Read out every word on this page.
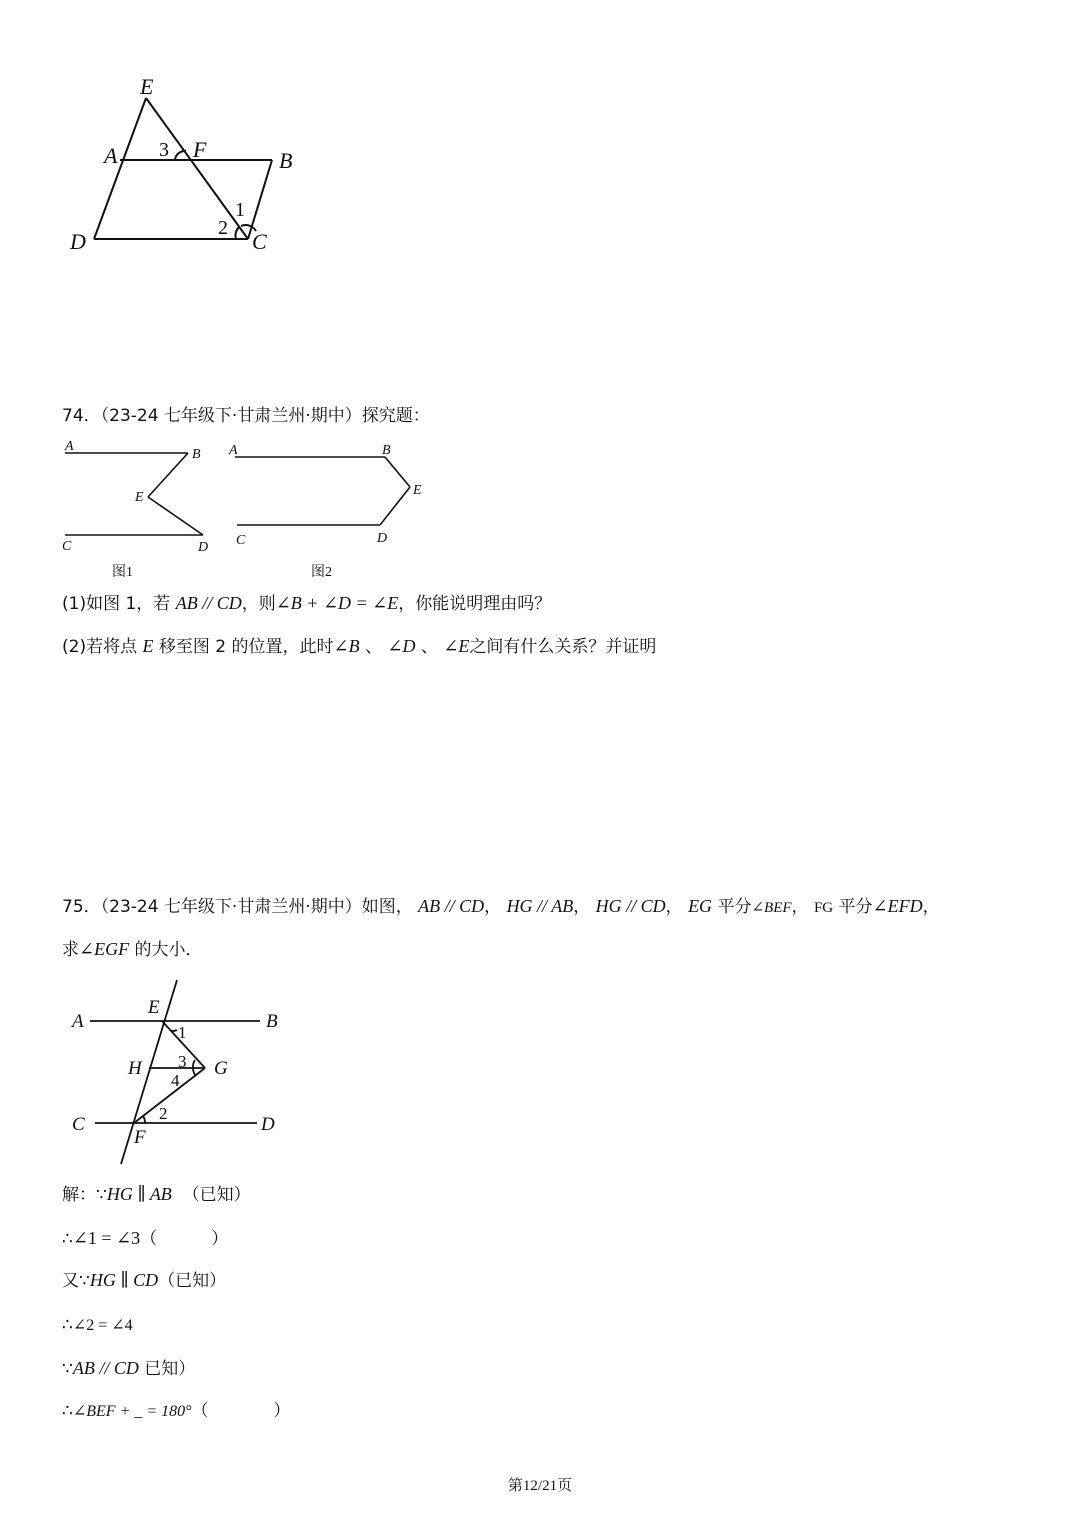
E
A 3 F	B
1
2
D	C
74．（23-24 七年级下·甘肃兰州·期中）探究题：
A
B
E
C	D
图1
A	B
E
C	D
图2
(1)如图 1，若 AB // CD，则∠B + ∠D = ∠E，你能说明理由吗？
(2)若将点 E 移至图 2 的位置，此时∠B 、 ∠D 、 ∠E之间有什么关系？并证明
75．（23-24 七年级下·甘肃兰州·期中）如图， AB // CD， HG // AB， HG // CD， EG 平分∠BEF， FG 平分∠EFD，
求∠EGF 的大小．
A
E
B
1
H 3
4
G
C
2
D
F
解：∵HG ∥ AB  （已知）
∴∠1 = ∠3（          ）
又∵HG ∥ CD（已知）
∴∠2 = ∠4
∵AB // CD 已知）
∴∠BEF + _ = 180°（            ）
第12/21页
